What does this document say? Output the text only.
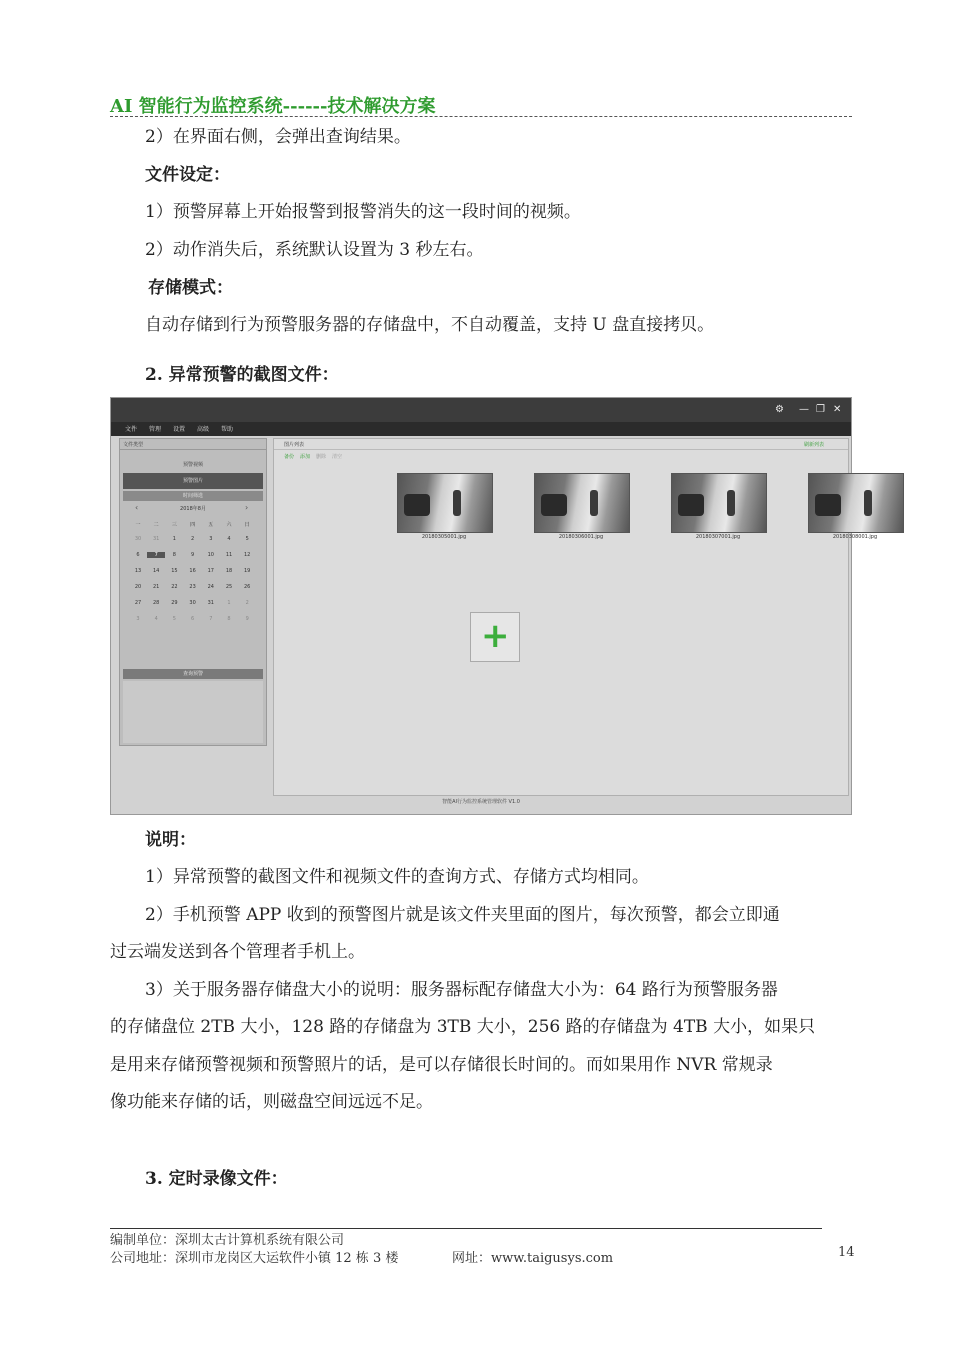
AI 智能行为监控系统------技术解决方案
2）在界面右侧，会弹出查询结果。
文件设定：
1）预警屏幕上开始报警到报警消失的这一段时间的视频。
2）动作消失后，系统默认设置为 3 秒左右。
存储模式：
自动存储到行为预警服务器的存储盘中，不自动覆盖，支持 U 盘直接拷贝。
2. 异常预警的截图文件：
⚙ — ❐ ✕
文件 管理 设置 高级 帮助
文件类型
预警视频
预警图片
时间筛选
2018年8月
‹	›
一	二	三	四	五	六	日
30	31	1	2	3	4	5
6	7	8	9	10	11	12
13	14	15	16	17	18	19
20	21	22	23	24	25	26
27	28	29	30	31	1	2
3	4	5	6	7	8	9
查询预警
图片列表	刷新列表
备份 添加 删除 清空
20180305001.jpg	20180306001.jpg	20180307001.jpg	20180308001.jpg
+
智能AI行为监控系统管理软件 V1.0
说明：
1）异常预警的截图文件和视频文件的查询方式、存储方式均相同。
2）手机预警 APP 收到的预警图片就是该文件夹里面的图片，每次预警，都会立即通
过云端发送到各个管理者手机上。
3）关于服务器存储盘大小的说明：服务器标配存储盘大小为：64 路行为预警服务器
的存储盘位 2TB 大小，128 路的存储盘为 3TB 大小，256 路的存储盘为 4TB 大小，如果只
是用来存储预警视频和预警照片的话，是可以存储很长时间的。而如果用作 NVR 常规录
像功能来存储的话，则磁盘空间远远不足。
3. 定时录像文件：
编制单位：深圳太古计算机系统有限公司
公司地址：深圳市龙岗区大运软件小镇 12 栋 3 楼	网址：www.taigusys.com	14
